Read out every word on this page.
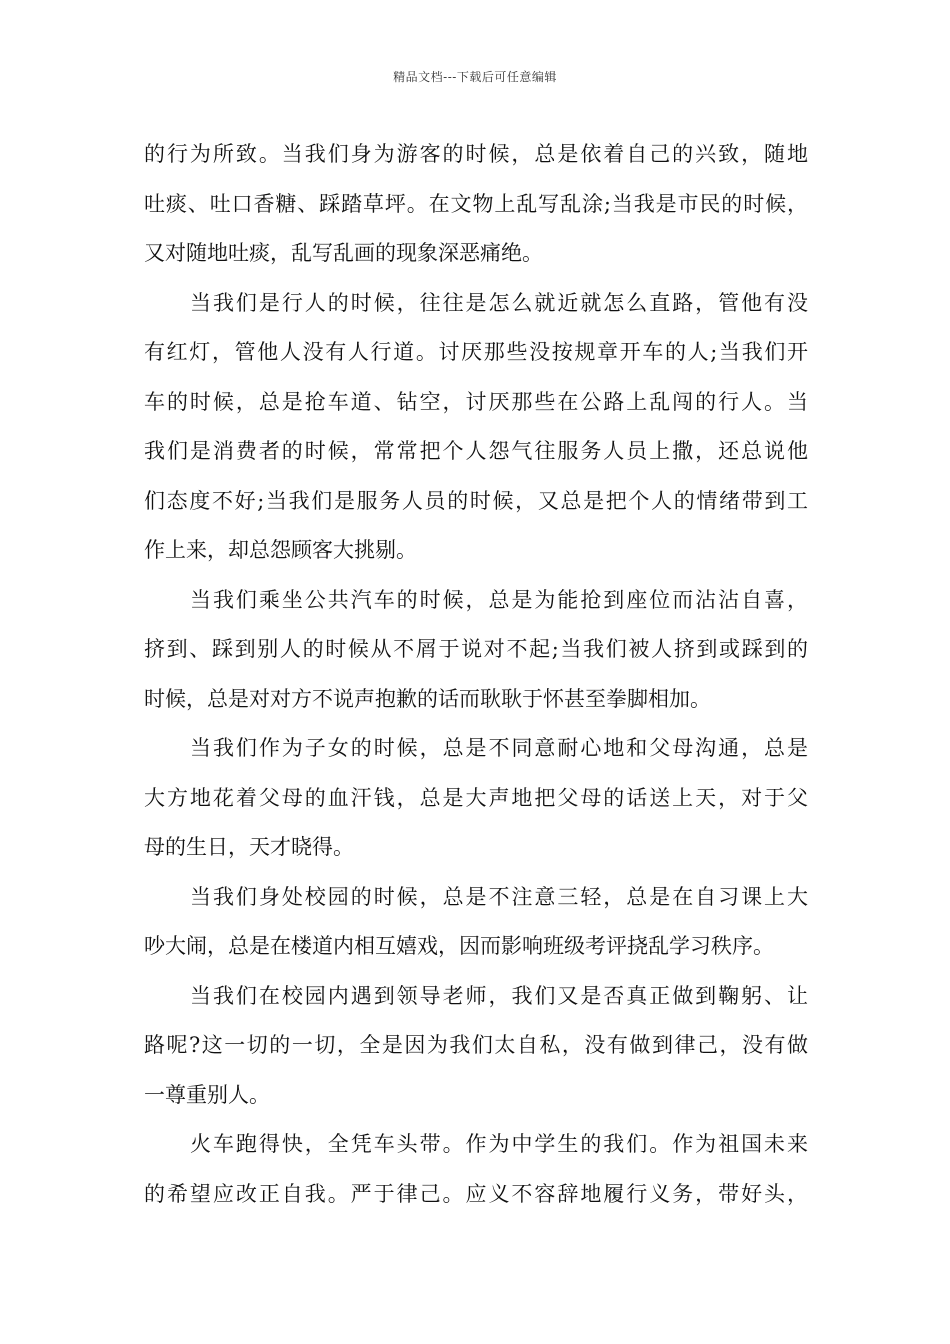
精品文档---下载后可任意编辑
的行为所致。当我们身为游客的时候，总是依着自己的兴致，随地
吐痰、吐口香糖、踩踏草坪。在文物上乱写乱涂;当我是市民的时候，
又对随地吐痰，乱写乱画的现象深恶痛绝。
当我们是行人的时候，往往是怎么就近就怎么直路，管他有没
有红灯，管他人没有人行道。讨厌那些没按规章开车的人;当我们开
车的时候，总是抢车道、钻空，讨厌那些在公路上乱闯的行人。当
我们是消费者的时候，常常把个人怨气往服务人员上撒，还总说他
们态度不好;当我们是服务人员的时候，又总是把个人的情绪带到工
作上来，却总怨顾客大挑剔。
当我们乘坐公共汽车的时候，总是为能抢到座位而沾沾自喜，
挤到、踩到别人的时候从不屑于说对不起;当我们被人挤到或踩到的
时候，总是对对方不说声抱歉的话而耿耿于怀甚至拳脚相加。
当我们作为子女的时候，总是不同意耐心地和父母沟通，总是
大方地花着父母的血汗钱，总是大声地把父母的话送上天，对于父
母的生日，天才晓得。
当我们身处校园的时候，总是不注意三轻，总是在自习课上大
吵大闹，总是在楼道内相互嬉戏，因而影响班级考评挠乱学习秩序。
当我们在校园内遇到领导老师，我们又是否真正做到鞠躬、让
路呢?这一切的一切，全是因为我们太自私，没有做到律己，没有做
一尊重别人。
火车跑得快，全凭车头带。作为中学生的我们。作为祖国未来
的希望应改正自我。严于律己。应义不容辞地履行义务，带好头，
